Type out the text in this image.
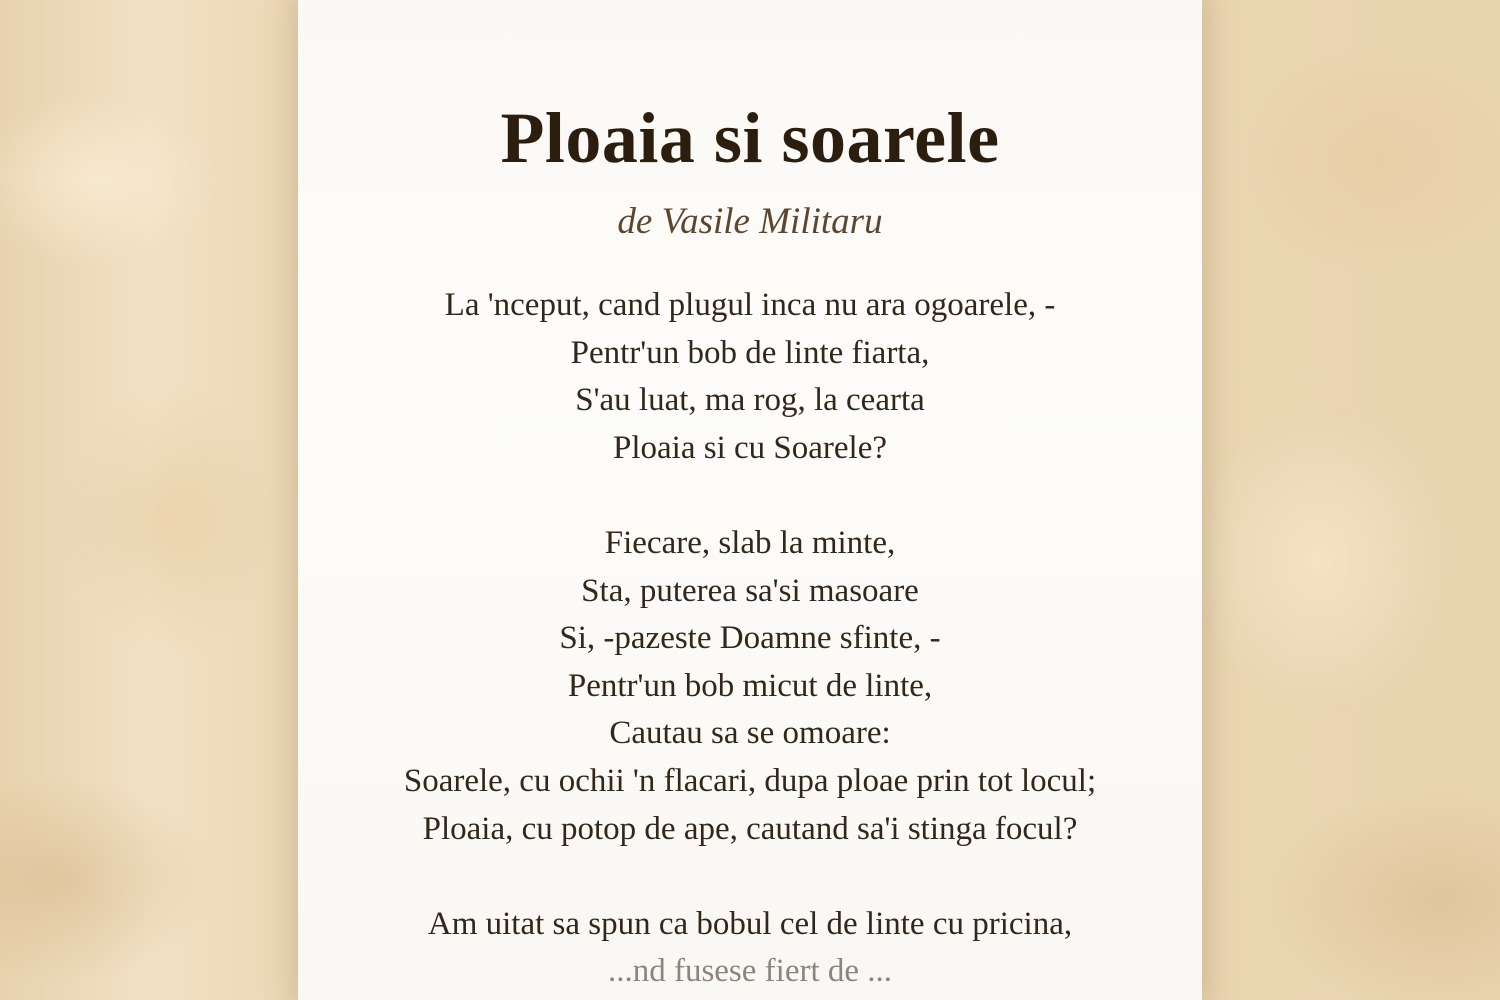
Ploaia si soarele

de Vasile Militaru

La 'nceput, cand plugul inca nu ara ogoarele, -
Pentr'un bob de linte fiarta,
S'au luat, ma rog, la cearta
Ploaia si cu Soarele?
Fiecare, slab la minte,
Sta, puterea sa'si masoare
Si, -pazeste Doamne sfinte, -
Pentr'un bob micut de linte,
Cautau sa se omoare:
Soarele, cu ochii 'n flacari, dupa ploae prin tot locul;
Ploaia, cu potop de ape, cautand sa'i stinga focul?
Am uitat sa spun ca bobul cel de linte cu pricina,
...nd fusese fiert de ...
